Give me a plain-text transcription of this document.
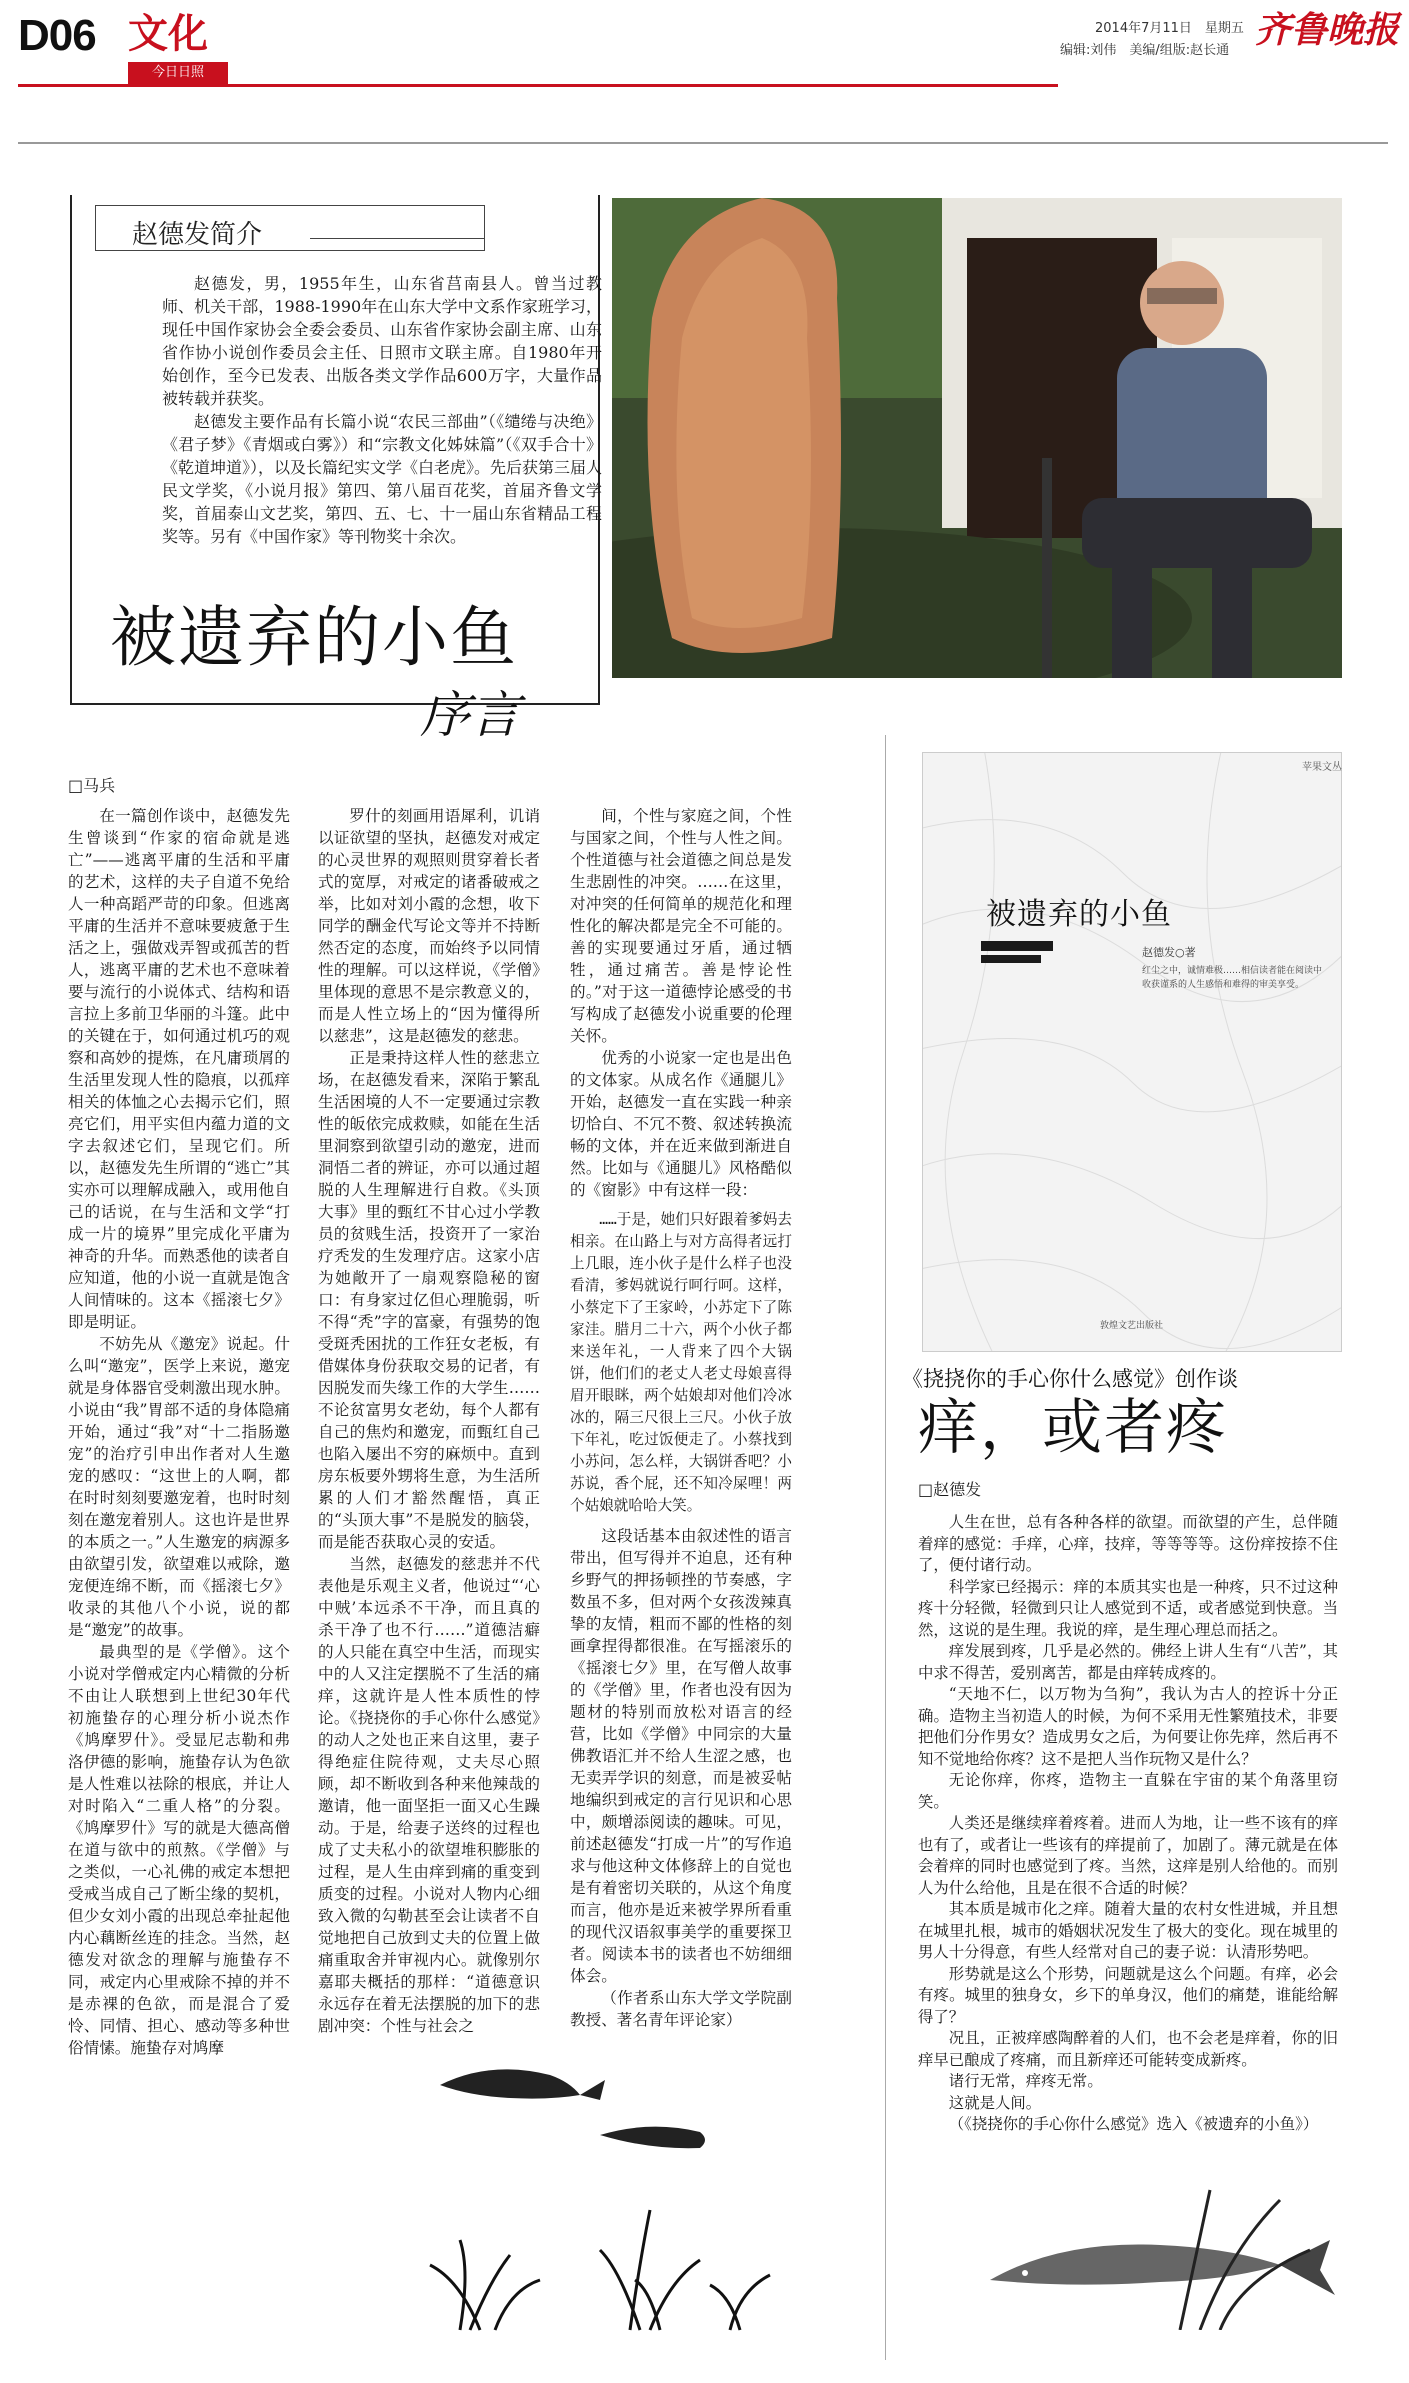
D06 文化
今日日照
2014年7月11日　星期五
编辑:刘伟　美编/组版:赵长通 齐鲁晚报
赵德发简介

赵德发，男，1955年生，山东省莒南县人。曾当过教师、机关干部，1988-1990年在山东大学中文系作家班学习，现任中国作家协会全委会委员、山东省作家协会副主席、山东省作协小说创作委员会主任、日照市文联主席。自1980年开始创作，至今已发表、出版各类文学作品600万字，大量作品被转载并获奖。

赵德发主要作品有长篇小说“农民三部曲”（《缱绻与决绝》《君子梦》《青烟或白雾》）和“宗教文化姊妹篇”（《双手合十》《乾道坤道》），以及长篇纪实文学《白老虎》。先后获第三届人民文学奖，《小说月报》第四、第八届百花奖，首届齐鲁文学奖，首届泰山文艺奖，第四、五、七、十一届山东省精品工程奖等。另有《中国作家》等刊物奖十余次。

被遗弃的小鱼
序言
□马兵

在一篇创作谈中，赵德发先生曾谈到“作家的宿命就是逃亡”——逃离平庸的生活和平庸的艺术，这样的夫子自道不免给人一种高蹈严苛的印象。但逃离平庸的生活并不意味要疲惫于生活之上，强做戏弄智或孤苦的哲人，逃离平庸的艺术也不意味着要与流行的小说体式、结构和语言拉上多前卫华丽的斗篷。此中的关键在于，如何通过机巧的观察和高妙的提炼，在凡庸琐屑的生活里发现人性的隐痕，以孤痒相关的体恤之心去揭示它们，照亮它们，用平实但内蕴力道的文字去叙述它们，呈现它们。所以，赵德发先生所谓的“逃亡”其实亦可以理解成融入，或用他自己的话说，在与生活和文学“打成一片的境界”里完成化平庸为神奇的升华。而熟悉他的读者自应知道，他的小说一直就是饱含人间情味的。这本《摇滚七夕》即是明证。

不妨先从《邀宠》说起。什么叫“邀宠”，医学上来说，邀宠就是身体器官受刺激出现水肿。小说由“我”胃部不适的身体隐痛开始，通过“我”对“十二指肠邀宠”的治疗引申出作者对人生邀宠的感叹：“这世上的人啊，都在时时刻刻要邀宠着，也时时刻刻在邀宠着别人。这也许是世界的本质之一。”人生邀宠的病源多由欲望引发，欲望难以戒除，邀宠便连绵不断，而《摇滚七夕》收录的其他八个小说，说的都是“邀宠”的故事。

最典型的是《学僧》。这个小说对学僧戒定内心精微的分析不由让人联想到上世纪30年代初施蛰存的心理分析小说杰作《鸠摩罗什》。受显尼志勒和弗洛伊德的影响，施蛰存认为色欲是人性难以祛除的根底，并让人对时陷入“二重人格”的分裂。《鸠摩罗什》写的就是大德高僧在道与欲中的煎熬。《学僧》与之类似，一心礼佛的戒定本想把受戒当成自己了断尘缘的契机，但少女刘小霞的出现总牵扯起他内心藕断丝连的挂念。当然，赵德发对欲念的理解与施蛰存不同，戒定内心里戒除不掉的并不是赤裸的色欲，而是混合了爱怜、同情、担心、感动等多种世俗情愫。施蛰存对鸠摩

罗什的刻画用语犀利，讥诮以证欲望的坚执，赵德发对戒定的心灵世界的观照则贯穿着长者式的宽厚，对戒定的诸番破戒之举，比如对刘小霞的念想，收下同学的酬金代写论文等并不持断然否定的态度，而始终予以同情性的理解。可以这样说，《学僧》里体现的意思不是宗教意义的，而是人性立场上的“因为懂得所以慈悲”，这是赵德发的慈悲。

正是秉持这样人性的慈悲立场，在赵德发看来，深陷于繁乱生活困境的人不一定要通过宗教性的皈依完成救赎，如能在生活里洞察到欲望引动的邀宠，进而洞悟二者的辨证，亦可以通过超脱的人生理解进行自救。《头顶大事》里的甄红不甘心过小学教员的贫贱生活，投资开了一家治疗秃发的生发理疗店。这家小店为她敞开了一扇观察隐秘的窗口：有身家过亿但心理脆弱，听不得“秃”字的富豪，有强势的饱受斑秃困扰的工作狂女老板，有借媒体身份获取交易的记者，有因脱发而失缘工作的大学生……不论贫富男女老幼，每个人都有自己的焦灼和邀宠，而甄红自己也陷入屡出不穷的麻烦中。直到房东板要外甥将生意，为生活所累的人们才豁然醒悟，真正的“头顶大事”不是脱发的脑袋，而是能否获取心灵的安适。

当然，赵德发的慈悲并不代表他是乐观主义者，他说过“‘心中贼’本远杀不干净，而且真的杀干净了也不行……”道德洁癖的人只能在真空中生活，而现实中的人又注定摆脱不了生活的痛痒，这就许是人性本质性的悖论。《挠挠你的手心你什么感觉》的动人之处也正来自这里，妻子得绝症住院待观，丈夫尽心照顾，却不断收到各种来他辣哉的邀请，他一面坚拒一面又心生躁动。于是，给妻子送终的过程也成了丈夫私小的欲望堆积膨胀的过程，是人生由痒到痛的重变到质变的过程。小说对人物内心细致入微的勾勒甚至会让读者不自觉地把自己放到丈夫的位置上做痛重取舍并审视内心。就像别尔嘉耶夫概括的那样：“道德意识永远存在着无法摆脱的加下的悲剧冲突：个性与社会之

间，个性与家庭之间，个性与国家之间，个性与人性之间。个性道德与社会道德之间总是发生悲剧性的冲突。……在这里，对冲突的任何简单的规范化和理性化的解决都是完全不可能的。善的实现要通过牙盾，通过牺牲，通过痛苦。善是悖论性的。”对于这一道德悖论感受的书写构成了赵德发小说重要的伦理关怀。

优秀的小说家一定也是出色的文体家。从成名作《通腿儿》开始，赵德发一直在实践一种亲切恰白、不冗不赘、叙述转换流畅的文体，并在近来做到渐进自然。比如与《通腿儿》风格酷似的《窗影》中有这样一段：

……于是，她们只好跟着爹妈去相亲。在山路上与对方高得者远打上几眼，连小伙子是什么样子也没看清，爹妈就说行呵行呵。这样，小蔡定下了王家岭，小苏定下了陈家洼。腊月二十六，两个小伙子都来送年礼，一人背来了四个大锅饼，他们们的老丈人老丈母娘喜得眉开眼眯，两个姑娘却对他们冷冰冰的，隔三尺很上三尺。小伙子放下年礼，吃过饭便走了。小蔡找到小苏问，怎么样，大锅饼香吧？小苏说，香个屁，还不知冷屎哩！两个姑娘就哈哈大笑。

这段话基本由叙述性的语言带出，但写得并不迫息，还有种乡野气的押扬顿挫的节奏感，字数虽不多，但对两个女孩泼辣真挚的友情，粗而不鄙的性格的刻画拿捏得都很准。在写摇滚乐的《摇滚七夕》里，在写僧人故事的《学僧》里，作者也没有因为题材的特别而放松对语言的经营，比如《学僧》中同宗的大量佛教语汇并不给人生涩之感，也无卖弄学识的刻意，而是被妥帖地编织到戒定的言行见识和心思中，颇增添阅读的趣味。可见，前述赵德发“打成一片”的写作追求与他这种文体修辞上的自觉也是有着密切关联的，从这个角度而言，他亦是近来被学界所看重的现代汉语叙事美学的重要探卫者。阅读本书的读者也不妨细细体会。

（作者系山东大学文学院副教授、著名青年评论家）

苹果文丛
被遗弃的小鱼
赵德发○著
红尘之中，诚情难极……相信读者能在阅读中收获谨系的人生感悟和难得的审美享受。
敦煌文艺出版社
《挠挠你的手心你什么感觉》创作谈
痒，或者疼
□赵德发

人生在世，总有各种各样的欲望。而欲望的产生，总伴随着痒的感觉：手痒，心痒，技痒，等等等等。这份痒按捺不住了，便付诸行动。

科学家已经揭示：痒的本质其实也是一种疼，只不过这种疼十分轻微，轻微到只让人感觉到不适，或者感觉到快意。当然，这说的是生理。我说的痒，是生理心理总而括之。

痒发展到疼，几乎是必然的。佛经上讲人生有“八苦”，其中求不得苦，爱别离苦，都是由痒转成疼的。

“天地不仁，以万物为刍狗”，我认为古人的控诉十分正确。造物主当初造人的时候，为何不采用无性繁殖技术，非要把他们分作男女？造成男女之后，为何要让你先痒，然后再不知不觉地给你疼？这不是把人当作玩物又是什么？

无论你痒，你疼，造物主一直躲在宇宙的某个角落里窃笑。

人类还是继续痒着疼着。进而人为地，让一些不该有的痒也有了，或者让一些该有的痒提前了，加剧了。薄元就是在体会着痒的同时也感觉到了疼。当然，这痒是别人给他的。而别人为什么给他，且是在很不合适的时候？

其本质是城市化之痒。随着大量的农村女性进城，并且想在城里扎根，城市的婚姻状况发生了极大的变化。现在城里的男人十分得意，有些人经常对自己的妻子说：认清形势吧。

形势就是这么个形势，问题就是这么个问题。有痒，必会有疼。城里的独身女，乡下的单身汉，他们的痛楚，谁能给解得了？

况且，正被痒感陶醉着的人们，也不会老是痒着，你的旧痒早已酿成了疼痛，而且新痒还可能转变成新疼。

诸行无常，痒疼无常。

这就是人间。

（《挠挠你的手心你什么感觉》选入《被遗弃的小鱼》）
